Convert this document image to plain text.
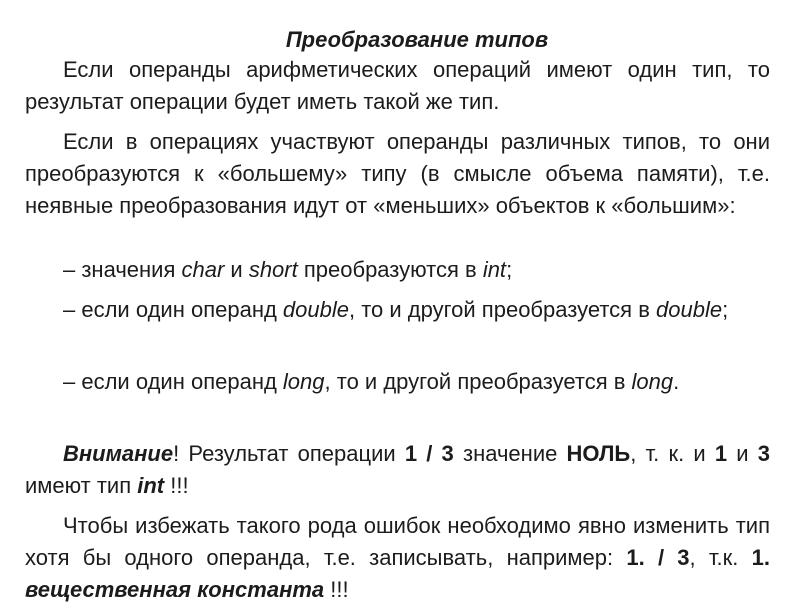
Преобразование типов

Если операнды арифметических операций имеют один тип, то результат операции будет иметь такой же тип.

Если в операциях участвуют операнды различных типов, то они преобразуются к «большему» типу (в смысле объема памяти), т.е. неявные преобразования идут от «меньших» объектов к «большим»:

– значения char и short преобразуются в int;

– если один операнд double, то и другой преобразуется в double;

– если один операнд long, то и другой преобразуется в long.

Внимание! Результат операции 1 / 3 значение НОЛЬ, т. к. и 1 и 3 имеют тип int !!!

Чтобы избежать такого рода ошибок необходимо явно изменить тип хотя бы одного операнда, т.е. записывать, например: 1. / 3, т.к. 1. вещественная константа !!!
